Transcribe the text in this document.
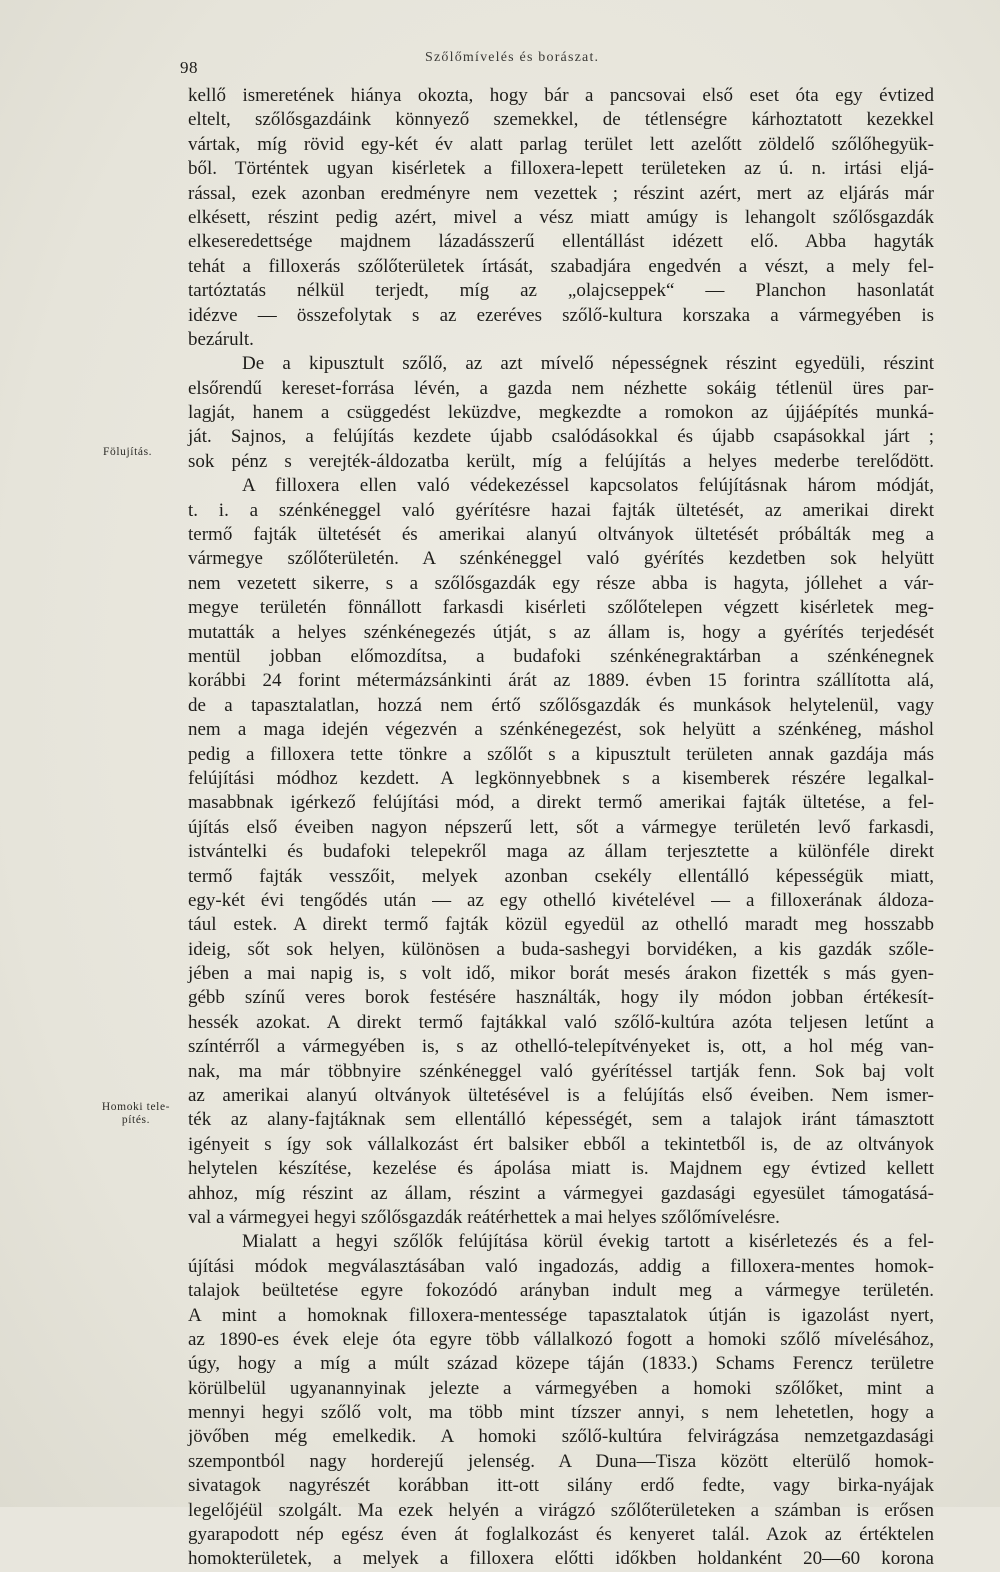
98
Szőlőmívelés és borászat.
Fölujítás.
Homoki tele-
pítés.
kellő ismeretének hiánya okozta, hogy bár a pancsovai első eset óta egy évtized
eltelt, szőlősgazdáink könnyező szemekkel, de tétlenségre kárhoztatott kezekkel
vártak, míg rövid egy-két év alatt parlag terület lett azelőtt zöldelő szőlőhegyük-
ből. Történtek ugyan kisérletek a filloxera-lepett területeken az ú. n. irtási eljá-
rással, ezek azonban eredményre nem vezettek ; részint azért, mert az eljárás már
elkésett, részint pedig azért, mivel a vész miatt amúgy is lehangolt szőlősgazdák
elkeseredettsége majdnem lázadásszerű ellentállást idézett elő. Abba hagyták
tehát a filloxerás szőlőterületek írtását, szabadjára engedvén a vészt, a mely fel-
tartóztatás nélkül terjedt, míg az „olajcseppek“ — Planchon hasonlatát
idézve — összefolytak s az ezeréves szőlő-kultura korszaka a vármegyében is
bezárult.
De a kipusztult szőlő, az azt mívelő népességnek részint egyedüli, részint
elsőrendű kereset-forrása lévén, a gazda nem nézhette sokáig tétlenül üres par-
lagját, hanem a csüggedést leküzdve, megkezdte a romokon az újjáépítés munká-
ját. Sajnos, a felújítás kezdete újabb csalódásokkal és újabb csapásokkal járt ;
sok pénz s verejték-áldozatba került, míg a felújítás a helyes mederbe terelődött.
A filloxera ellen való védekezéssel kapcsolatos felújításnak három módját,
t. i. a szénkéneggel való gyérítésre hazai fajták ültetését, az amerikai direkt
termő fajták ültetését és amerikai alanyú oltványok ültetését próbálták meg a
vármegye szőlőterületén. A szénkéneggel való gyérítés kezdetben sok helyütt
nem vezetett sikerre, s a szőlősgazdák egy része abba is hagyta, jóllehet a vár-
megye területén fönnállott farkasdi kisérleti szőlőtelepen végzett kisérletek meg-
mutatták a helyes szénkénegezés útját, s az állam is, hogy a gyérítés terjedését
mentül jobban előmozdítsa, a budafoki szénkénegraktárban a szénkénegnek
korábbi 24 forint métermázsánkinti árát az 1889. évben 15 forintra szállította alá,
de a tapasztalatlan, hozzá nem értő szőlősgazdák és munkások helytelenül, vagy
nem a maga idején végezvén a szénkénegezést, sok helyütt a szénkéneg, máshol
pedig a filloxera tette tönkre a szőlőt s a kipusztult területen annak gazdája más
felújítási módhoz kezdett. A legkönnyebbnek s a kisemberek részére legalkal-
masabbnak igérkező felújítási mód, a direkt termő amerikai fajták ültetése, a fel-
újítás első éveiben nagyon népszerű lett, sőt a vármegye területén levő farkasdi,
istvántelki és budafoki telepekről maga az állam terjesztette a különféle direkt
termő fajták vesszőit, melyek azonban csekély ellentálló képességük miatt,
egy-két évi tengődés után — az egy othelló kivételével — a filloxerának áldoza-
tául estek. A direkt termő fajták közül egyedül az othelló maradt meg hosszabb
ideig, sőt sok helyen, különösen a buda-sashegyi borvidéken, a kis gazdák szőle-
jében a mai napig is, s volt idő, mikor borát mesés árakon fizették s más gyen-
gébb színű veres borok festésére használták, hogy ily módon jobban értékesít-
hessék azokat. A direkt termő fajtákkal való szőlő-kultúra azóta teljesen letűnt a
színtérről a vármegyében is, s az othelló-telepítvényeket is, ott, a hol még van-
nak, ma már többnyire szénkéneggel való gyérítéssel tartják fenn. Sok baj volt
az amerikai alanyú oltványok ültetésével is a felújítás első éveiben. Nem ismer-
ték az alany-fajtáknak sem ellentálló képességét, sem a talajok iránt támasztott
igényeit s így sok vállalkozást ért balsiker ebből a tekintetből is, de az oltványok
helytelen készítése, kezelése és ápolása miatt is. Majdnem egy évtized kellett
ahhoz, míg részint az állam, részint a vármegyei gazdasági egyesület támogatásá-
val a vármegyei hegyi szőlősgazdák reátérhettek a mai helyes szőlőmívelésre.
Mialatt a hegyi szőlők felújítása körül évekig tartott a kisérletezés és a fel-
újítási módok megválasztásában való ingadozás, addig a filloxera-mentes homok-
talajok beültetése egyre fokozódó arányban indult meg a vármegye területén.
A mint a homoknak filloxera-mentessége tapasztalatok útján is igazolást nyert,
az 1890-es évek eleje óta egyre több vállalkozó fogott a homoki szőlő mívelésához,
úgy, hogy a míg a múlt század közepe táján (1833.) Schams Ferencz területre
körülbelül ugyanannyinak jelezte a vármegyében a homoki szőlőket, mint a
mennyi hegyi szőlő volt, ma több mint tízszer annyi, s nem lehetetlen, hogy a
jövőben még emelkedik. A homoki szőlő-kultúra felvirágzása nemzetgazdasági
szempontból nagy horderejű jelenség. A Duna—Tisza között elterülő homok-
sivatagok nagyrészét korábban itt-ott silány erdő fedte, vagy birka-nyájak
legelőjéül szolgált. Ma ezek helyén a virágzó szőlőterületeken a számban is erősen
gyarapodott nép egész éven át foglalkozást és kenyeret talál. Azok az értéktelen
homokterületek, a melyek a filloxera előtti időkben holdanként 20—60 korona
